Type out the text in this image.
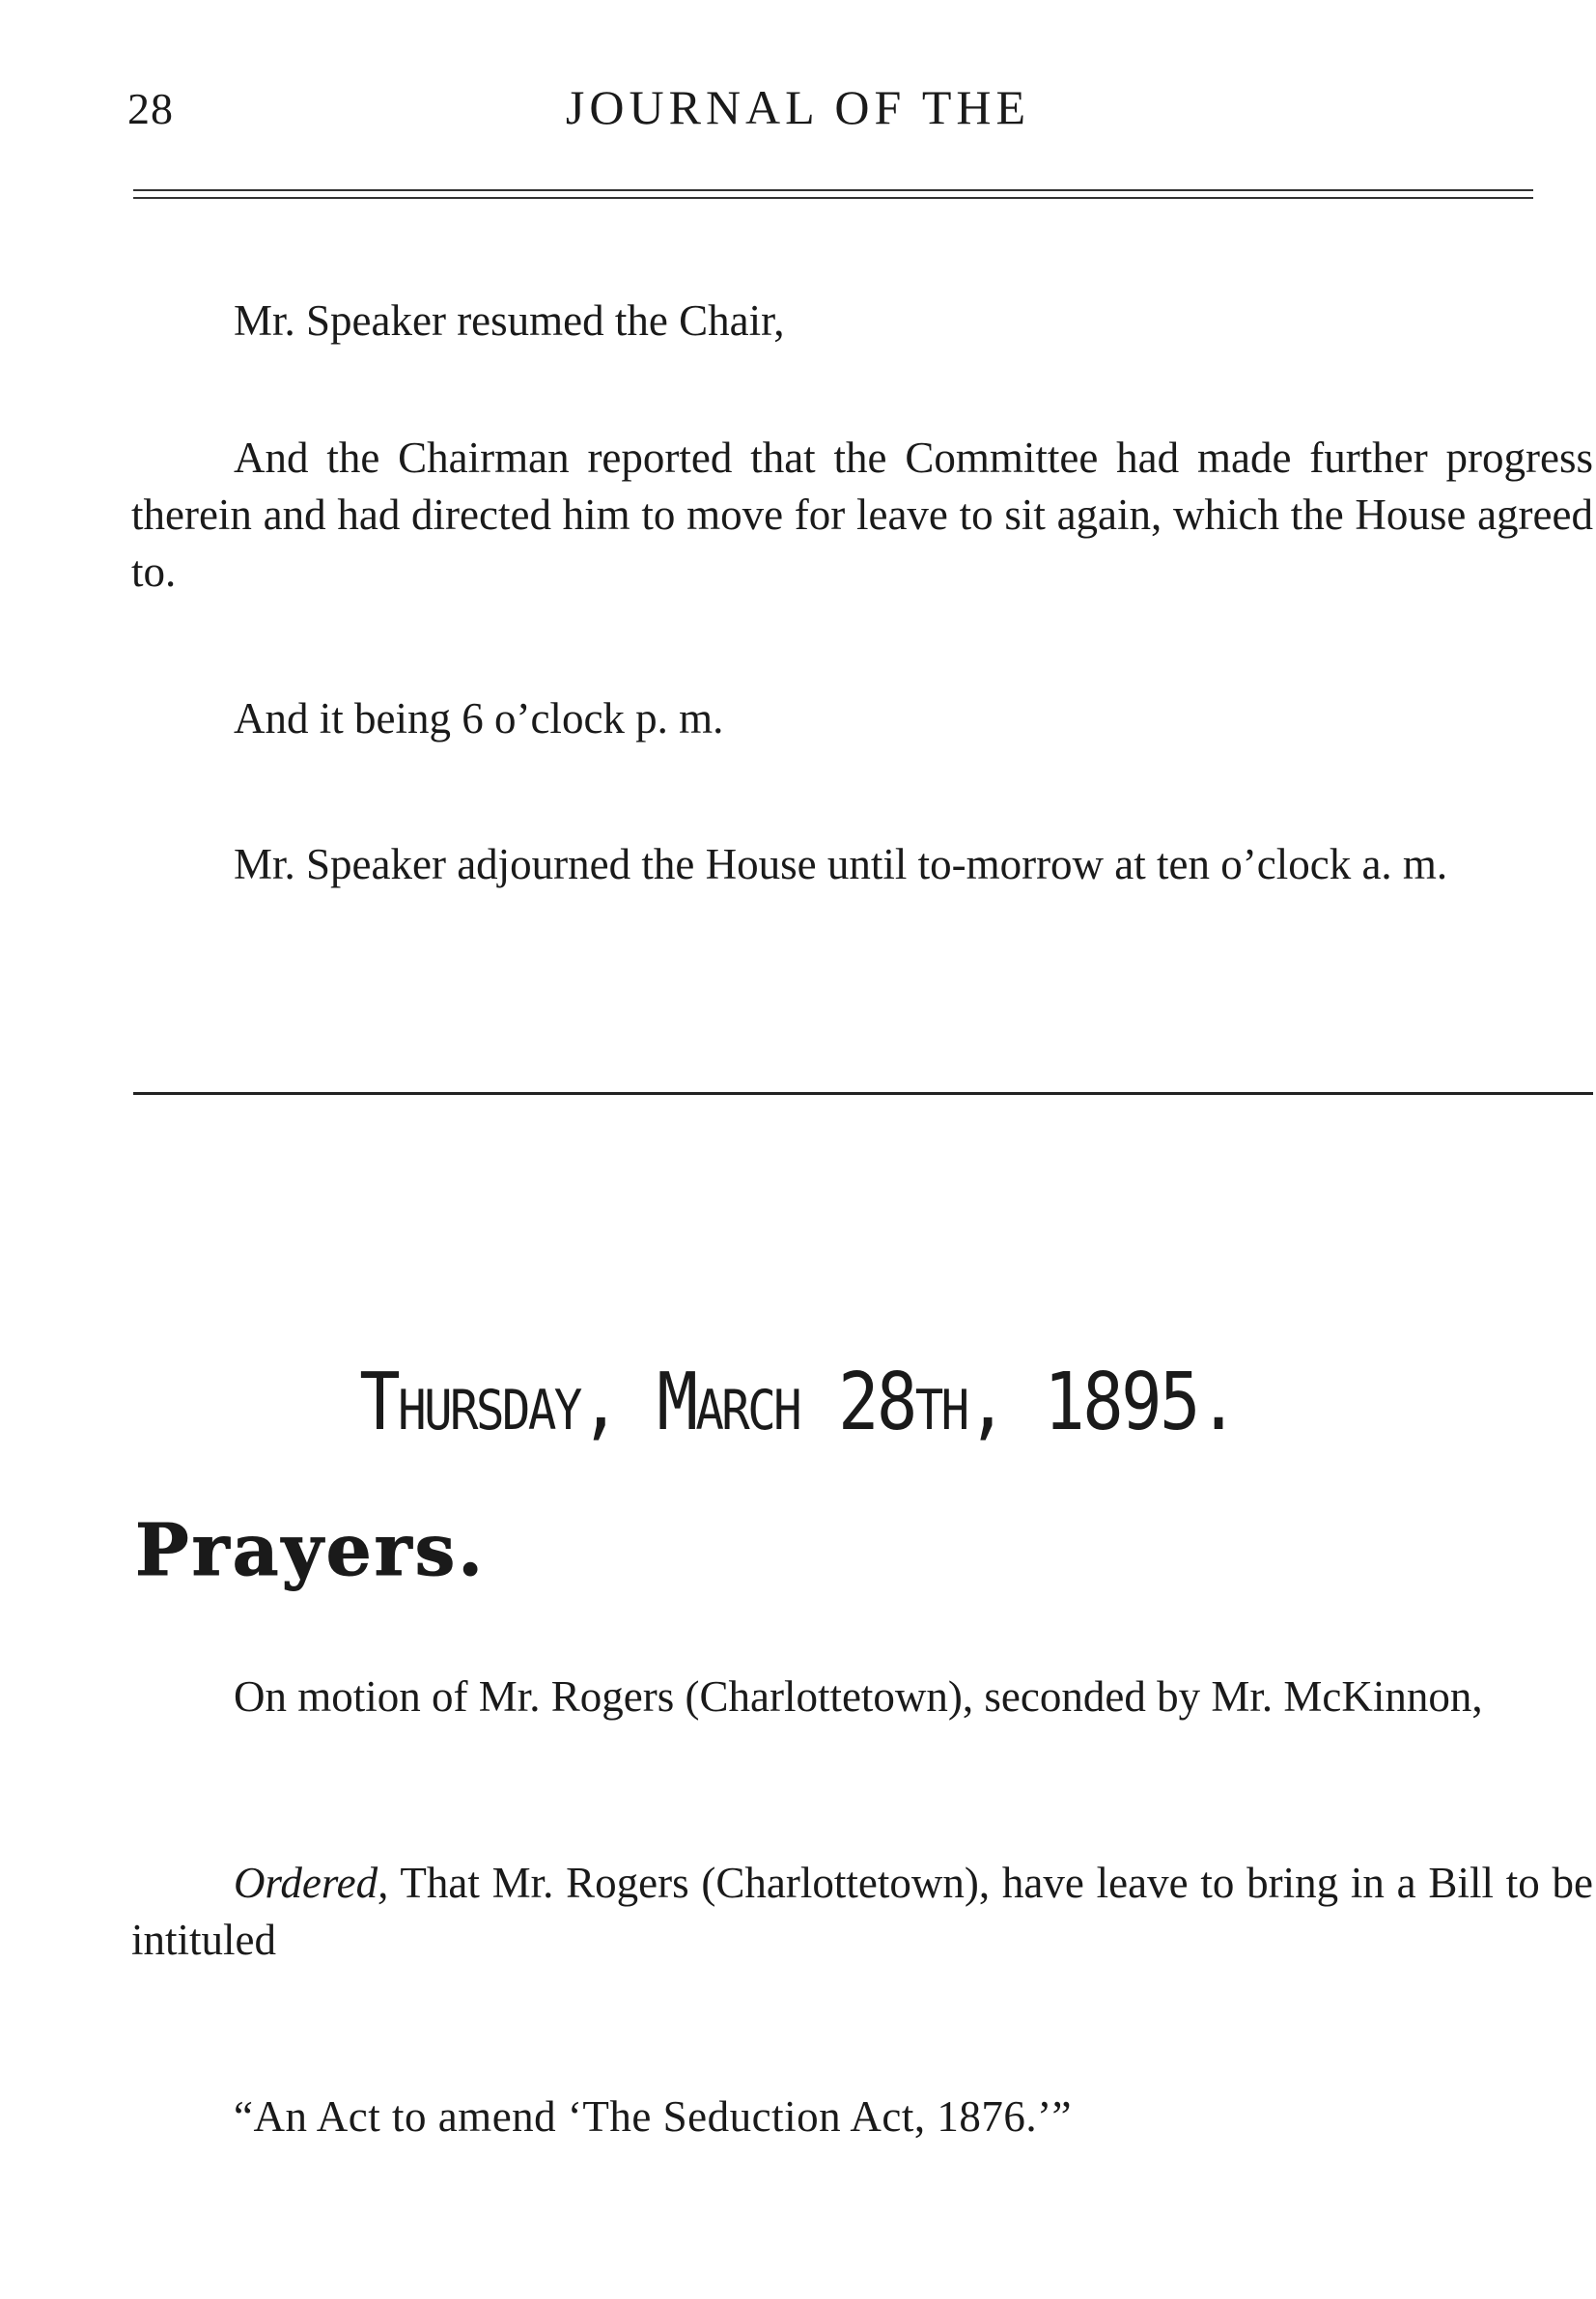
28	JOURNAL OF THE

Mr. Speaker resumed the Chair,

And the Chairman reported that the Committee had made further progress therein and had directed him to move for leave to sit again, which the House agreed to.

And it being 6 o’clock p. m.

Mr. Speaker adjourned the House until to-morrow at ten o’clock a. m.

Thursday, March 28th, 1895.
Prayers.

On motion of Mr. Rogers (Charlottetown), seconded by Mr. McKinnon,

Ordered, That Mr. Rogers (Charlottetown), have leave to bring in a Bill to be intituled

“An Act to amend ‘The Seduction Act, 1876.’”
